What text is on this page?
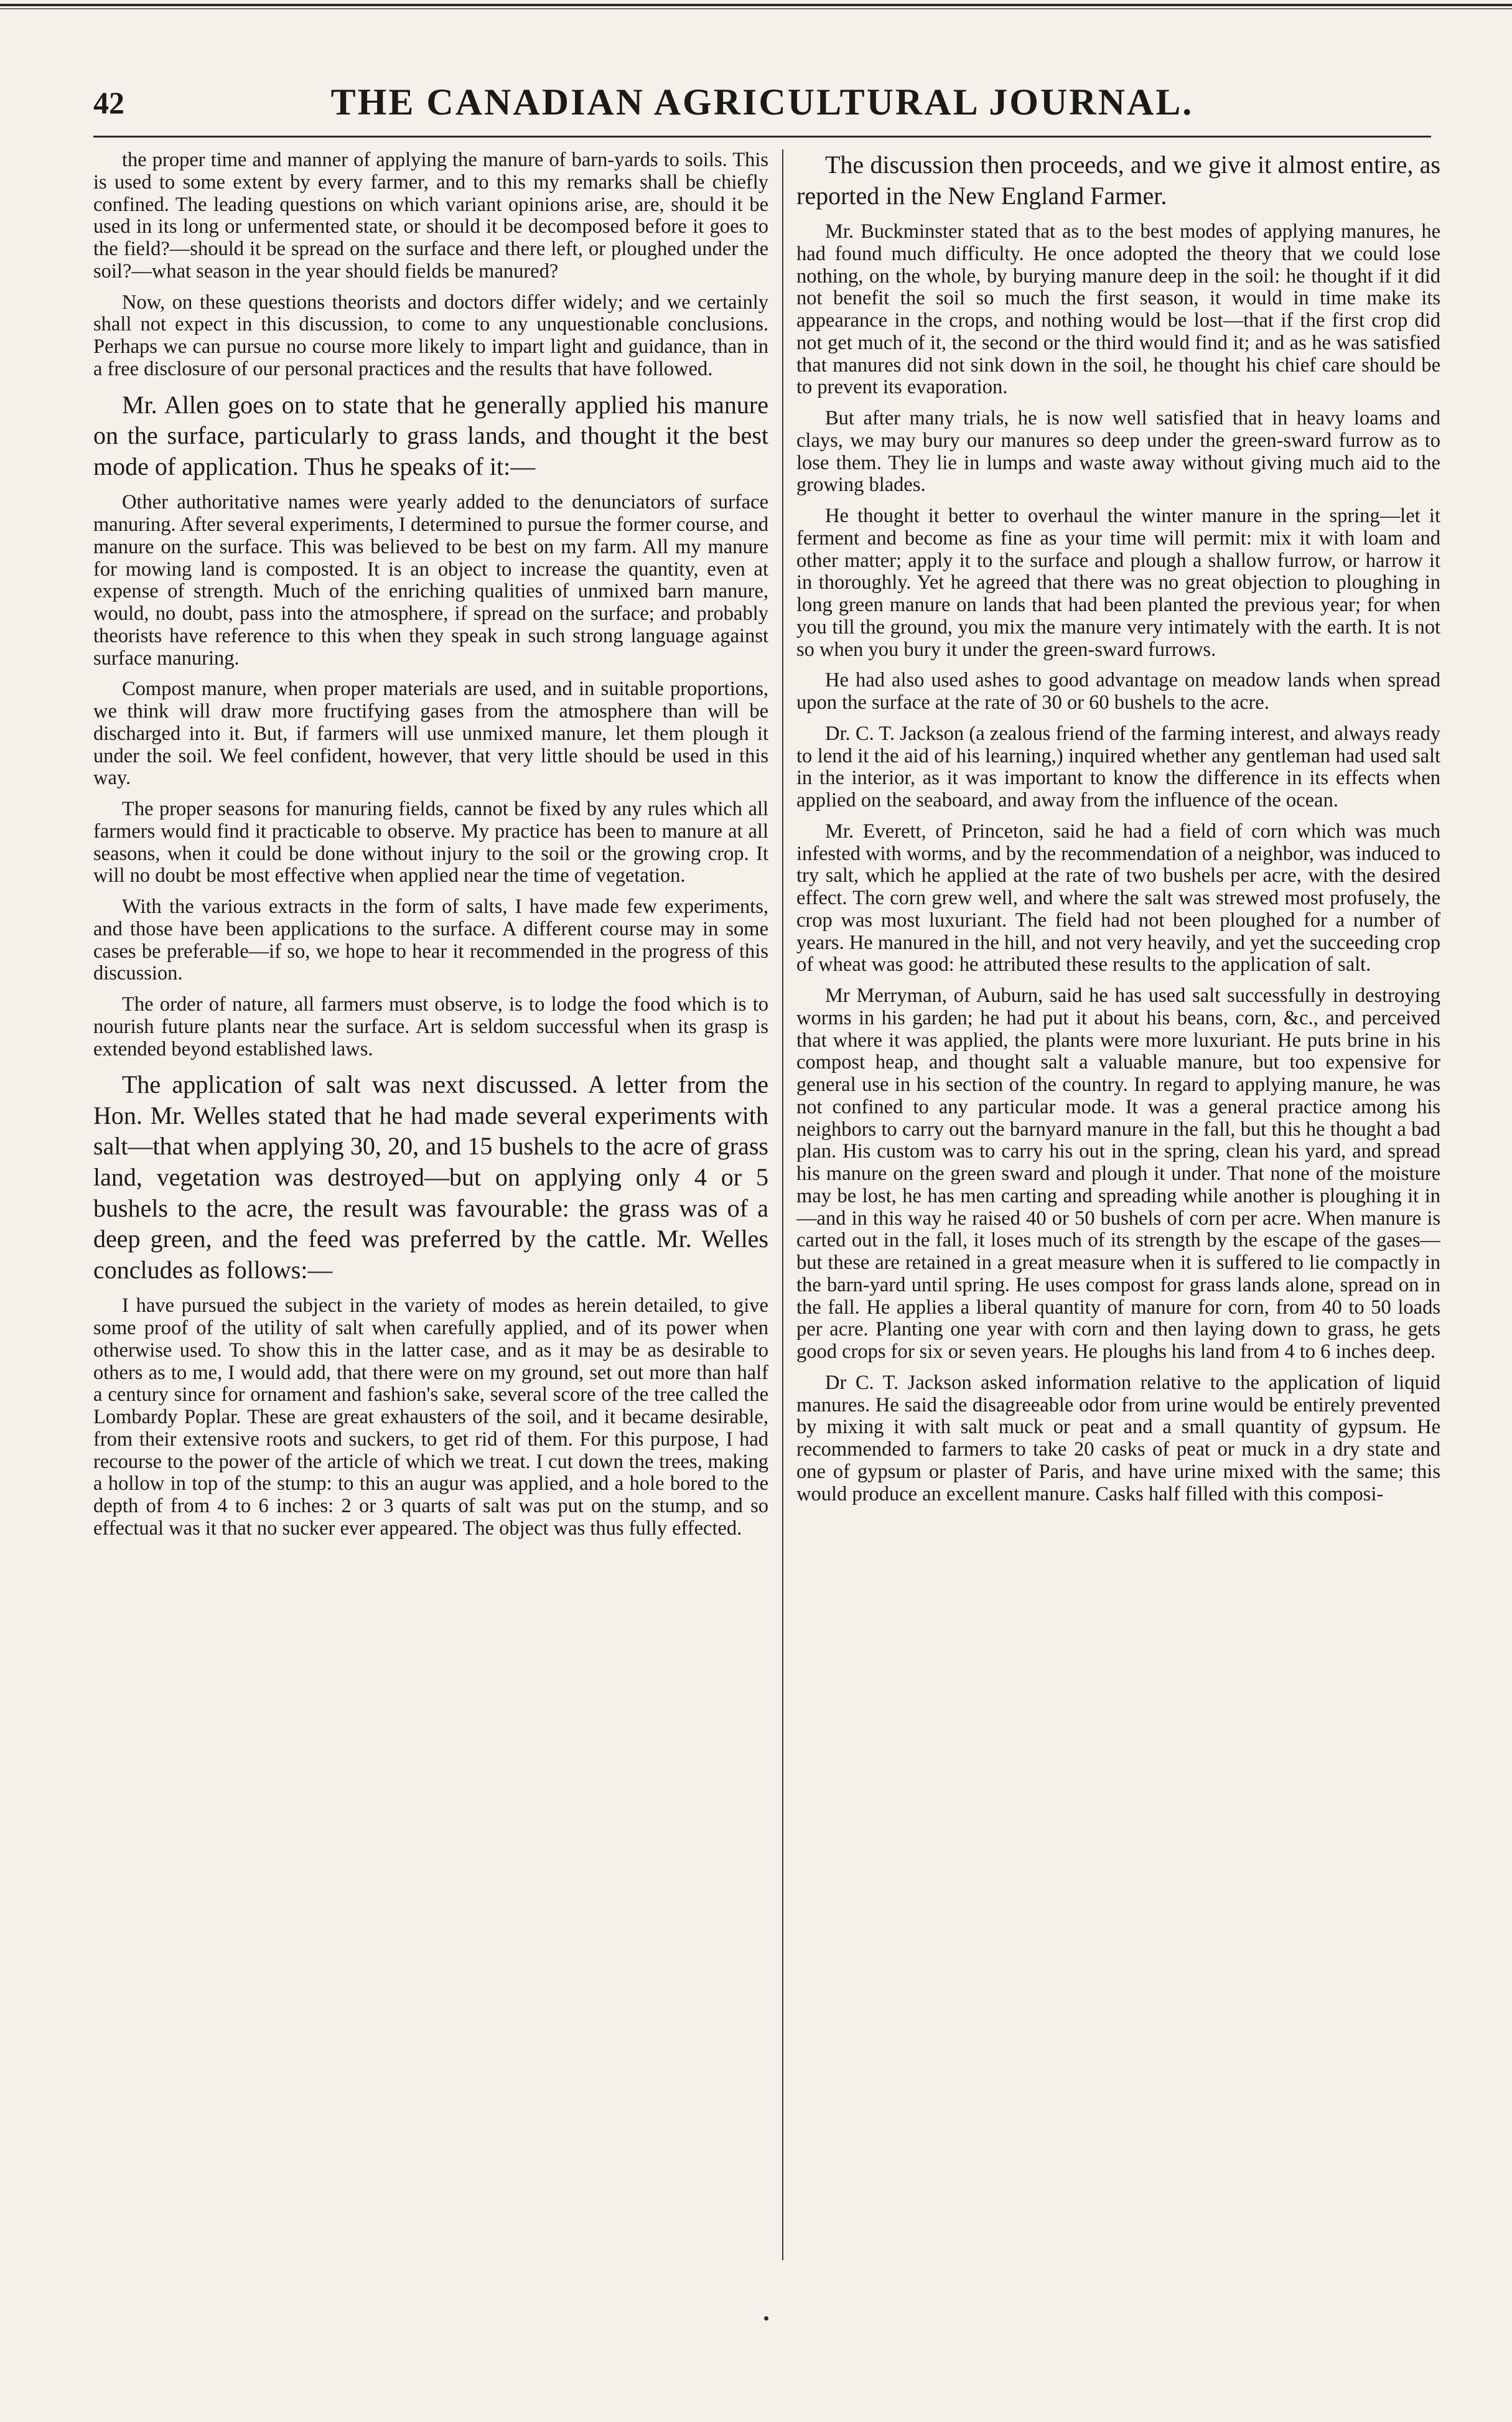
42	THE CANADIAN AGRICULTURAL JOURNAL.

the proper time and manner of applying the manure of barn-yards to soils. This is used to some extent by every farmer, and to this my remarks shall be chiefly confined. The leading questions on which variant opinions arise, are, should it be used in its long or unfermented state, or should it be decomposed before it goes to the field?—should it be spread on the surface and there left, or ploughed under the soil?—what season in the year should fields be manured?

Now, on these questions theorists and doctors differ widely; and we certainly shall not expect in this discussion, to come to any unquestionable conclusions. Perhaps we can pursue no course more likely to impart light and guidance, than in a free disclosure of our personal practices and the results that have followed.

Mr. Allen goes on to state that he generally applied his manure on the surface, particularly to grass lands, and thought it the best mode of application. Thus he speaks of it:—

Other authoritative names were yearly added to the denunciators of surface manuring. After several experiments, I determined to pursue the former course, and manure on the surface. This was believed to be best on my farm. All my manure for mowing land is composted. It is an object to increase the quantity, even at expense of strength. Much of the enriching qualities of unmixed barn manure, would, no doubt, pass into the atmosphere, if spread on the surface; and probably theorists have reference to this when they speak in such strong language against surface manuring.

Compost manure, when proper materials are used, and in suitable proportions, we think will draw more fructifying gases from the atmosphere than will be discharged into it. But, if farmers will use unmixed manure, let them plough it under the soil. We feel confident, however, that very little should be used in this way.

The proper seasons for manuring fields, cannot be fixed by any rules which all farmers would find it practicable to observe. My practice has been to manure at all seasons, when it could be done without injury to the soil or the growing crop. It will no doubt be most effective when applied near the time of vegetation.

With the various extracts in the form of salts, I have made few experiments, and those have been applications to the surface. A different course may in some cases be preferable—if so, we hope to hear it recommended in the progress of this discussion.

The order of nature, all farmers must observe, is to lodge the food which is to nourish future plants near the surface. Art is seldom successful when its grasp is extended beyond established laws.

The application of salt was next discussed. A letter from the Hon. Mr. Welles stated that he had made several experiments with salt—that when applying 30, 20, and 15 bushels to the acre of grass land, vegetation was destroyed—but on applying only 4 or 5 bushels to the acre, the result was favourable: the grass was of a deep green, and the feed was preferred by the cattle. Mr. Welles concludes as follows:—

I have pursued the subject in the variety of modes as herein detailed, to give some proof of the utility of salt when carefully applied, and of its power when otherwise used. To show this in the latter case, and as it may be as desirable to others as to me, I would add, that there were on my ground, set out more than half a century since for ornament and fashion's sake, several score of the tree called the Lombardy Poplar. These are great exhausters of the soil, and it became desirable, from their extensive roots and suckers, to get rid of them. For this purpose, I had recourse to the power of the article of which we treat. I cut down the trees, making a hollow in top of the stump: to this an augur was applied, and a hole bored to the depth of from 4 to 6 inches: 2 or 3 quarts of salt was put on the stump, and so effectual was it that no sucker ever appeared. The object was thus fully effected.

The discussion then proceeds, and we give it almost entire, as reported in the New England Farmer.

Mr. Buckminster stated that as to the best modes of applying manures, he had found much difficulty. He once adopted the theory that we could lose nothing, on the whole, by burying manure deep in the soil: he thought if it did not benefit the soil so much the first season, it would in time make its appearance in the crops, and nothing would be lost—that if the first crop did not get much of it, the second or the third would find it; and as he was satisfied that manures did not sink down in the soil, he thought his chief care should be to prevent its evaporation.

But after many trials, he is now well satisfied that in heavy loams and clays, we may bury our manures so deep under the green-sward furrow as to lose them. They lie in lumps and waste away without giving much aid to the growing blades.

He thought it better to overhaul the winter manure in the spring—let it ferment and become as fine as your time will permit: mix it with loam and other matter; apply it to the surface and plough a shallow furrow, or harrow it in thoroughly. Yet he agreed that there was no great objection to ploughing in long green manure on lands that had been planted the previous year; for when you till the ground, you mix the manure very intimately with the earth. It is not so when you bury it under the green-sward furrows.

He had also used ashes to good advantage on meadow lands when spread upon the surface at the rate of 30 or 60 bushels to the acre.

Dr. C. T. Jackson (a zealous friend of the farming interest, and always ready to lend it the aid of his learning,) inquired whether any gentleman had used salt in the interior, as it was important to know the difference in its effects when applied on the seaboard, and away from the influence of the ocean.

Mr. Everett, of Princeton, said he had a field of corn which was much infested with worms, and by the recommendation of a neighbor, was induced to try salt, which he applied at the rate of two bushels per acre, with the desired effect. The corn grew well, and where the salt was strewed most profusely, the crop was most luxuriant. The field had not been ploughed for a number of years. He manured in the hill, and not very heavily, and yet the succeeding crop of wheat was good: he attributed these results to the application of salt.

Mr Merryman, of Auburn, said he has used salt successfully in destroying worms in his garden; he had put it about his beans, corn, &c., and perceived that where it was applied, the plants were more luxuriant. He puts brine in his compost heap, and thought salt a valuable manure, but too expensive for general use in his section of the country. In regard to applying manure, he was not confined to any particular mode. It was a general practice among his neighbors to carry out the barnyard manure in the fall, but this he thought a bad plan. His custom was to carry his out in the spring, clean his yard, and spread his manure on the green sward and plough it under. That none of the moisture may be lost, he has men carting and spreading while another is ploughing it in—and in this way he raised 40 or 50 bushels of corn per acre. When manure is carted out in the fall, it loses much of its strength by the escape of the gases—but these are retained in a great measure when it is suffered to lie compactly in the barn-yard until spring. He uses compost for grass lands alone, spread on in the fall. He applies a liberal quantity of manure for corn, from 40 to 50 loads per acre. Planting one year with corn and then laying down to grass, he gets good crops for six or seven years. He ploughs his land from 4 to 6 inches deep.

Dr C. T. Jackson asked information relative to the application of liquid manures. He said the disagreeable odor from urine would be entirely prevented by mixing it with salt muck or peat and a small quantity of gypsum. He recommended to farmers to take 20 casks of peat or muck in a dry state and one of gypsum or plaster of Paris, and have urine mixed with the same; this would produce an excellent manure. Casks half filled with this composi-
